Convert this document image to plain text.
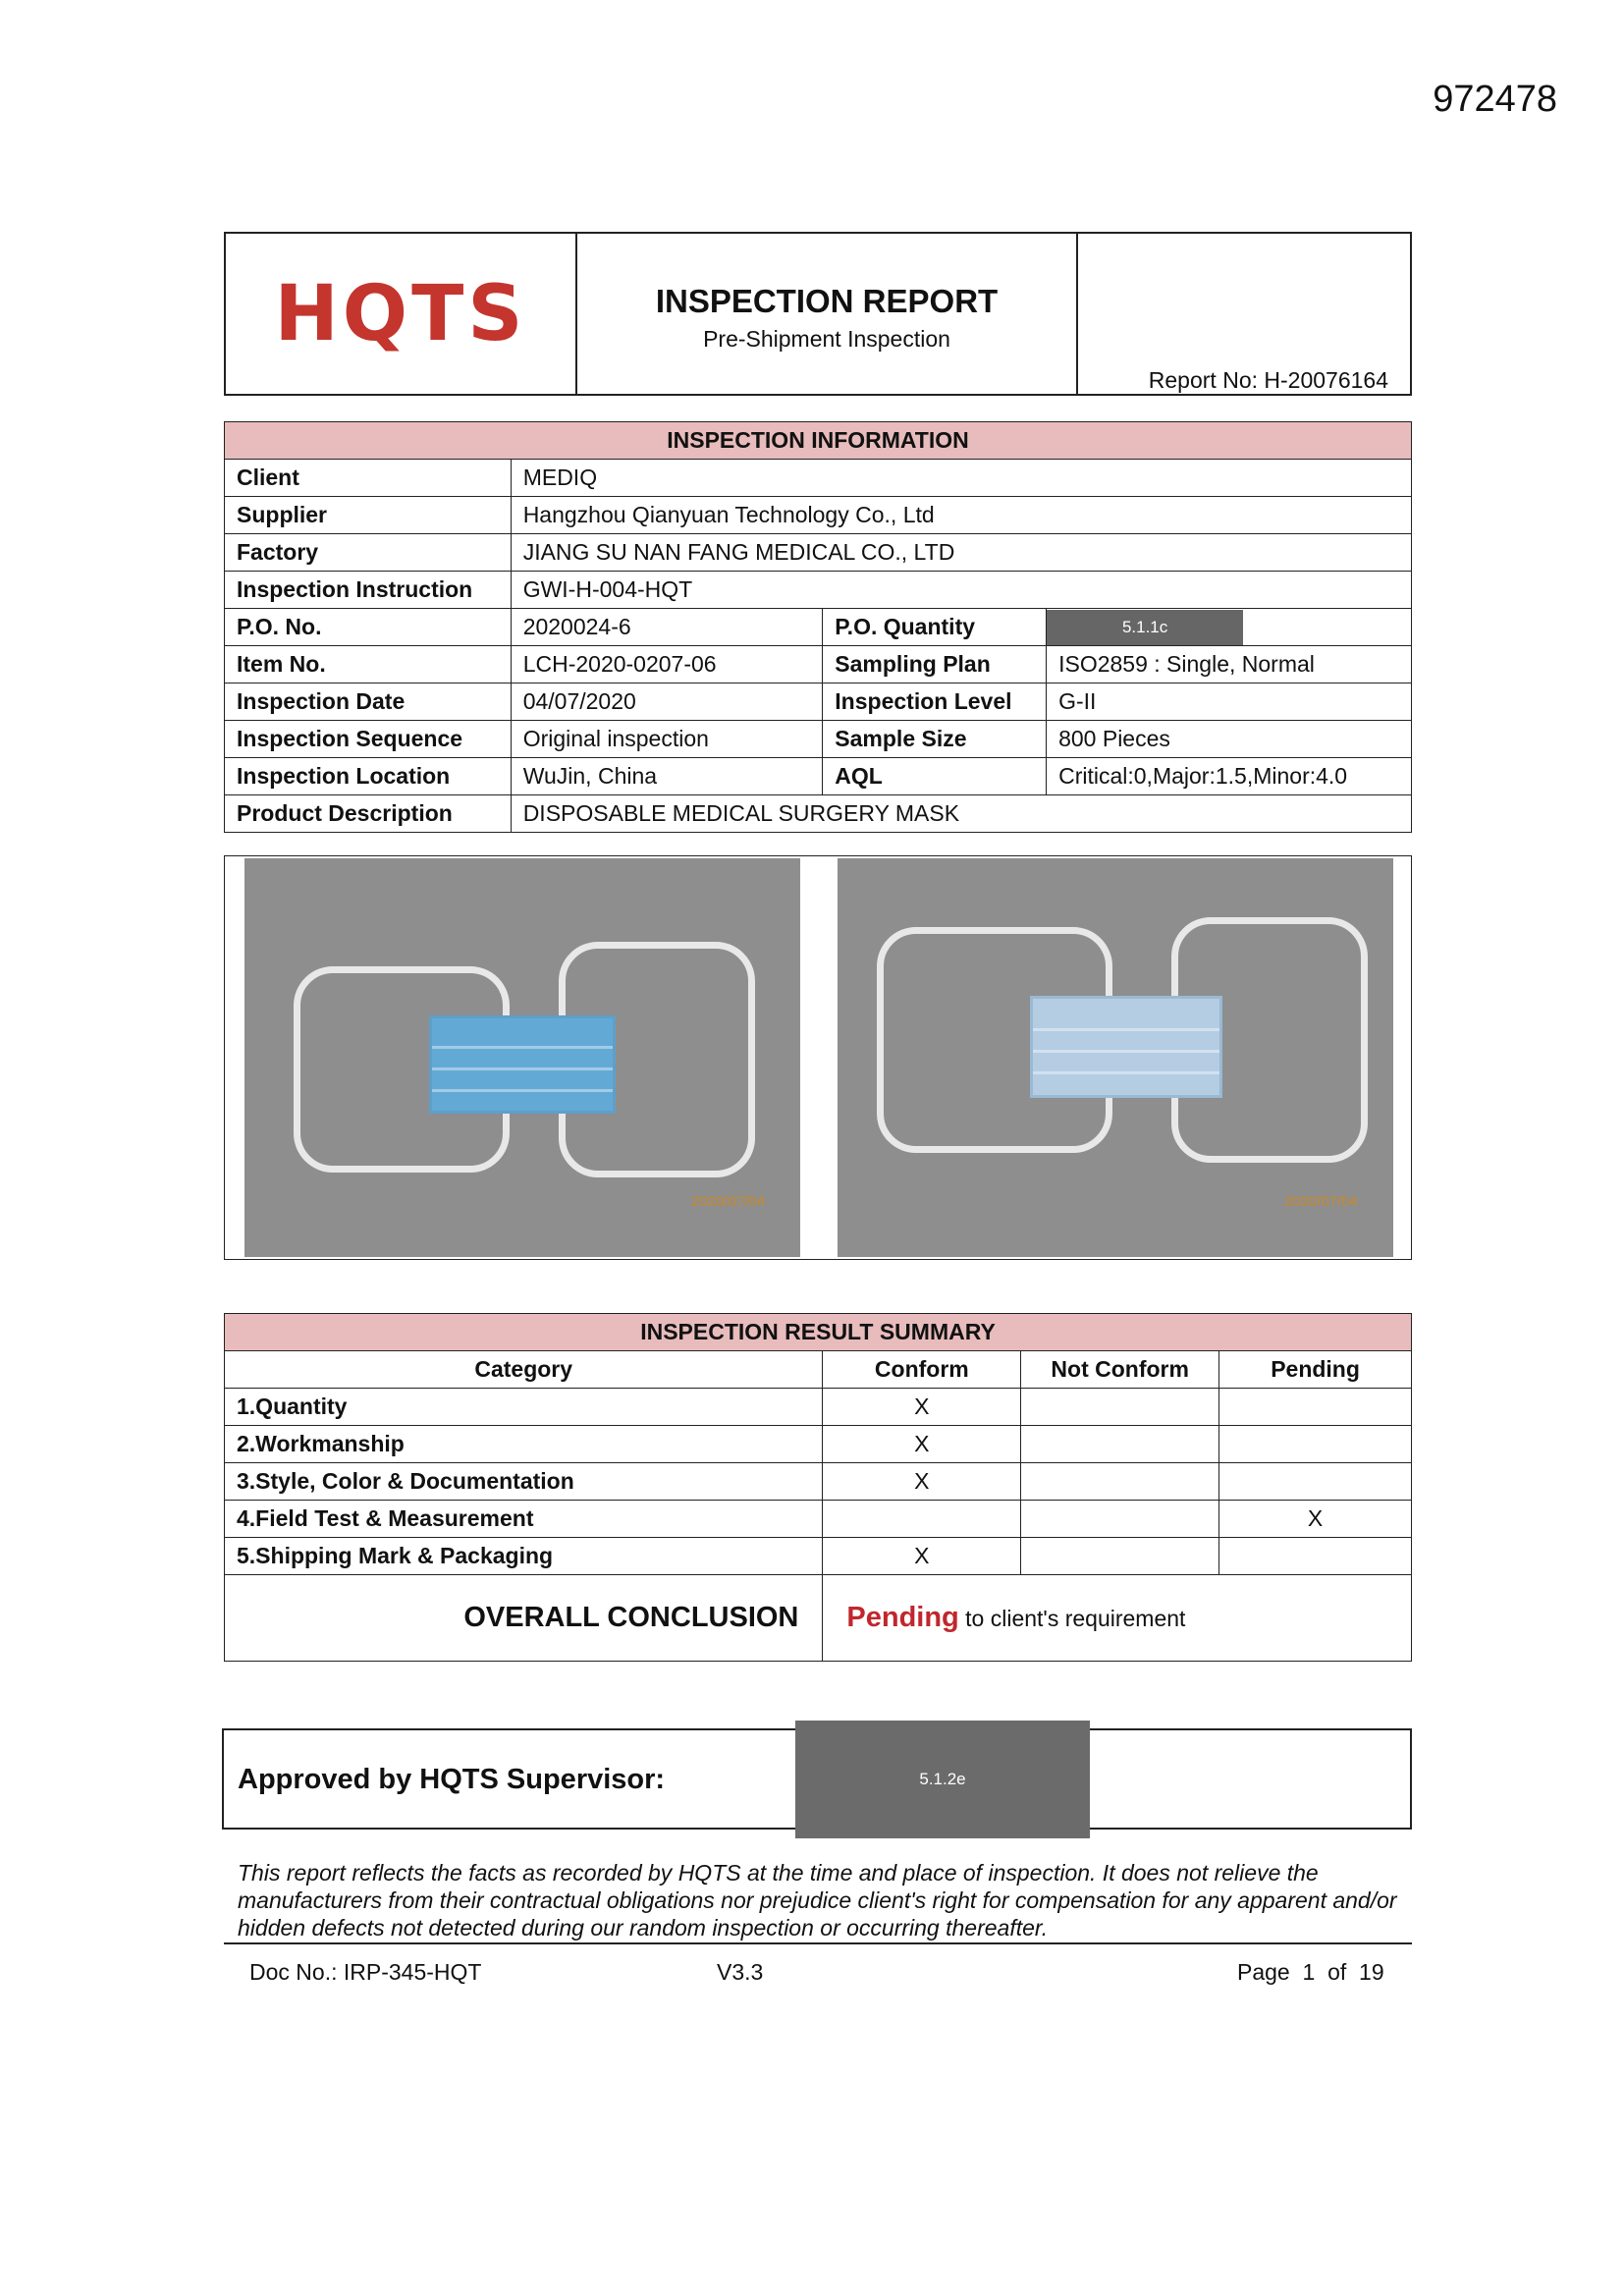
972478
HQTS	INSPECTION REPORT
Pre-Shipment Inspection
Report No: H-20076164
INSPECTION INFORMATION			
Client	MEDIQ		
Supplier	Hangzhou Qianyuan Technology Co., Ltd		
Factory	JIANG SU NAN FANG MEDICAL CO., LTD		
Inspection Instruction	GWI-H-004-HQT		
P.O. No.	2020024-6	P.O. Quantity	5.1.1c

Item No.	LCH-2020-0207-06	Sampling Plan	ISO2859 : Single, Normal
Inspection Date	04/07/2020	Inspection Level	G-II
Inspection Sequence	Original inspection	Sample Size	800 Pieces
Inspection Location	WuJin, China	AQL	Critical:0,Major:1.5,Minor:4.0
Product Description	DISPOSABLE MEDICAL SURGERY MASK		
2020/07/04	2020/07/04
INSPECTION RESULT SUMMARY			
Category	Conform	Not Conform	Pending
1.Quantity	X		
2.Workmanship	X		
3.Style, Color & Documentation	X		
4.Field Test & Measurement			X
5.Shipping Mark & Packaging	X		
OVERALL CONCLUSION	Pending to client's requirement		
Approved by HQTS Supervisor:	5.1.2e
This report reflects the facts as recorded by HQTS at the time and place of inspection. It does not relieve the manufacturers from their contractual obligations nor prejudice client's right for compensation for any apparent and/or hidden defects not detected during our random inspection or occurring thereafter.
Doc No.: IRP-345-HQT	V3.3	Page  1  of  19
